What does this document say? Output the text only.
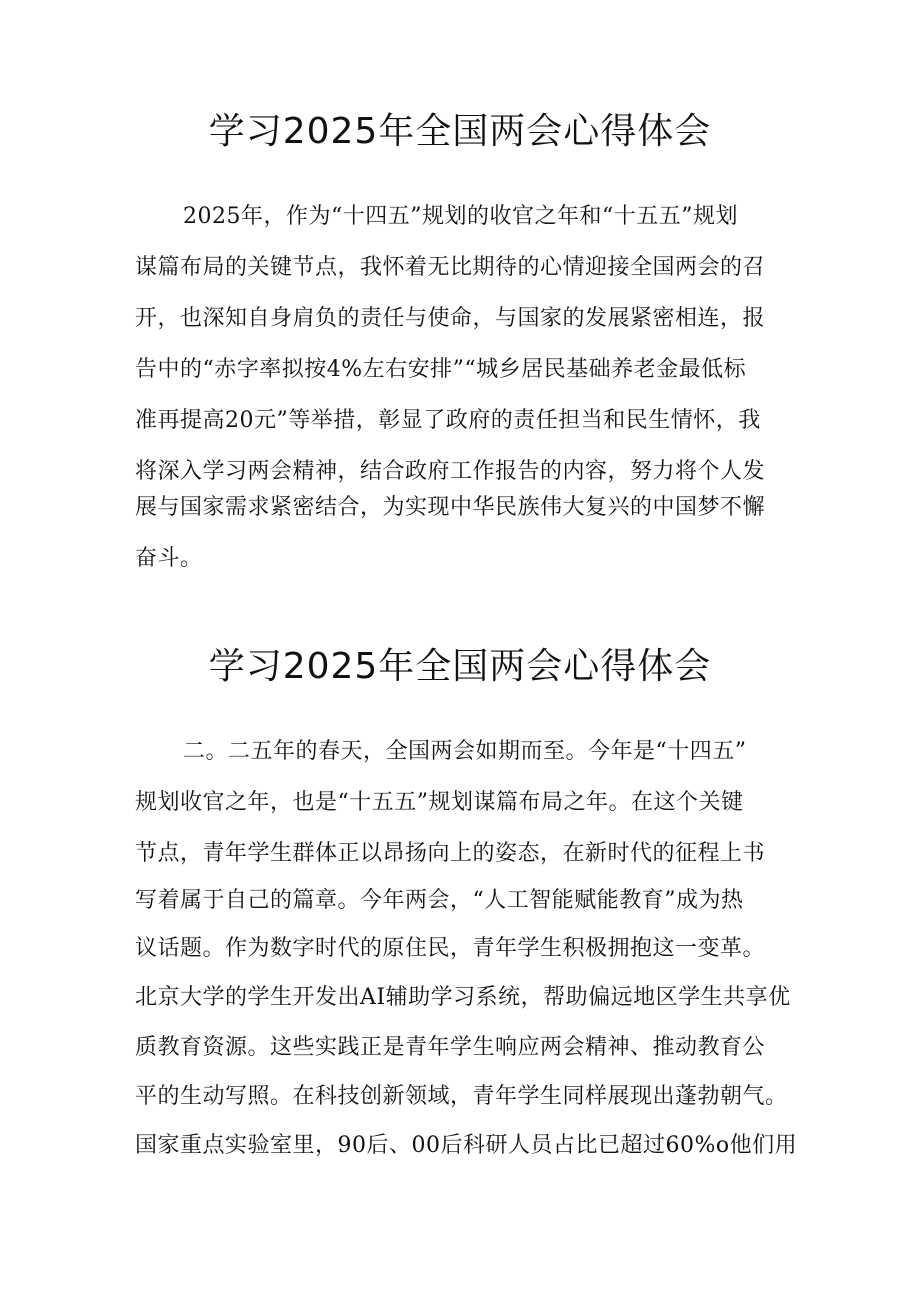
学习2025年全国两会心得体会
2025年，作为“十四五”规划的收官之年和“十五五”规划
谋篇布局的关键节点，我怀着无比期待的心情迎接全国两会的召
开，也深知自身肩负的责任与使命，与国家的发展紧密相连，报
告中的“赤字率拟按4%左右安排”“城乡居民基础养老金最低标
准再提高20元”等举措，彰显了政府的责任担当和民生情怀，我
将深入学习两会精神，结合政府工作报告的内容，努力将个人发
展与国家需求紧密结合，为实现中华民族伟大复兴的中国梦不懈
奋斗。
学习2025年全国两会心得体会
二。二五年的春天，全国两会如期而至。今年是“十四五”
规划收官之年，也是“十五五”规划谋篇布局之年。在这个关键
节点，青年学生群体正以昂扬向上的姿态，在新时代的征程上书
写着属于自己的篇章。今年两会，“人工智能赋能教育”成为热
议话题。作为数字时代的原住民，青年学生积极拥抱这一变革。
北京大学的学生开发出AI辅助学习系统，帮助偏远地区学生共享优
质教育资源。这些实践正是青年学生响应两会精神、推动教育公
平的生动写照。在科技创新领域，青年学生同样展现出蓬勃朝气。
国家重点实验室里，90后、00后科研人员占比已超过60%o他们用
